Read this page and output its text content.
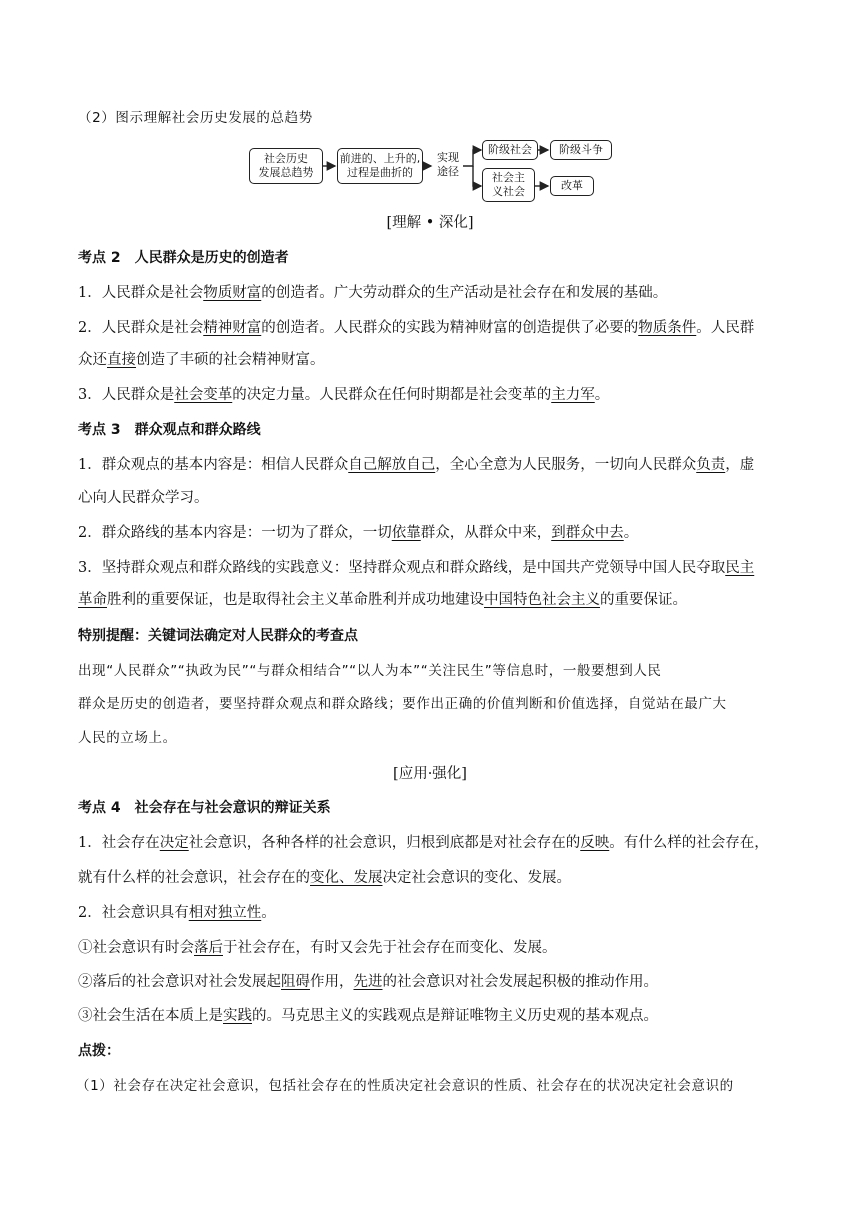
（2）图示理解社会历史发展的总趋势
社会历史
发展总趋势
前进的、上升的,
过程是曲折的
实现
途径
阶级社会	阶级斗争
社会主
义社会	改革
[理解 • 深化]
考点 2　人民群众是历史的创造者
1．人民群众是社会物质财富的创造者。广大劳动群众的生产活动是社会存在和发展的基础。
2．人民群众是社会精神财富的创造者。人民群众的实践为精神财富的创造提供了必要的物质条件。人民群
众还直接创造了丰硕的社会精神财富。
3．人民群众是社会变革的决定力量。人民群众在任何时期都是社会变革的主力军。
考点 3　群众观点和群众路线
1．群众观点的基本内容是：相信人民群众自己解放自己，全心全意为人民服务，一切向人民群众负责，虚
心向人民群众学习。
2．群众路线的基本内容是：一切为了群众，一切依靠群众，从群众中来，到群众中去。
3．坚持群众观点和群众路线的实践意义：坚持群众观点和群众路线，是中国共产党领导中国人民夺取民主
革命胜利的重要保证，也是取得社会主义革命胜利并成功地建设中国特色社会主义的重要保证。
特别提醒：关键词法确定对人民群众的考查点
出现“人民群众”“执政为民”“与群众相结合”“以人为本”“关注民生”等信息时，一般要想到人民
群众是历史的创造者，要坚持群众观点和群众路线；要作出正确的价值判断和价值选择，自觉站在最广大
人民的立场上。
[应用·强化]
考点 4　社会存在与社会意识的辩证关系
1．社会存在决定社会意识，各种各样的社会意识，归根到底都是对社会存在的反映。有什么样的社会存在，
就有什么样的社会意识，社会存在的变化、发展决定社会意识的变化、发展。
2．社会意识具有相对独立性。
①社会意识有时会落后于社会存在，有时又会先于社会存在而变化、发展。
②落后的社会意识对社会发展起阻碍作用，先进的社会意识对社会发展起积极的推动作用。
③社会生活在本质上是实践的。马克思主义的实践观点是辩证唯物主义历史观的基本观点。
点拨：
（1）社会存在决定社会意识，包括社会存在的性质决定社会意识的性质、社会存在的状况决定社会意识的
